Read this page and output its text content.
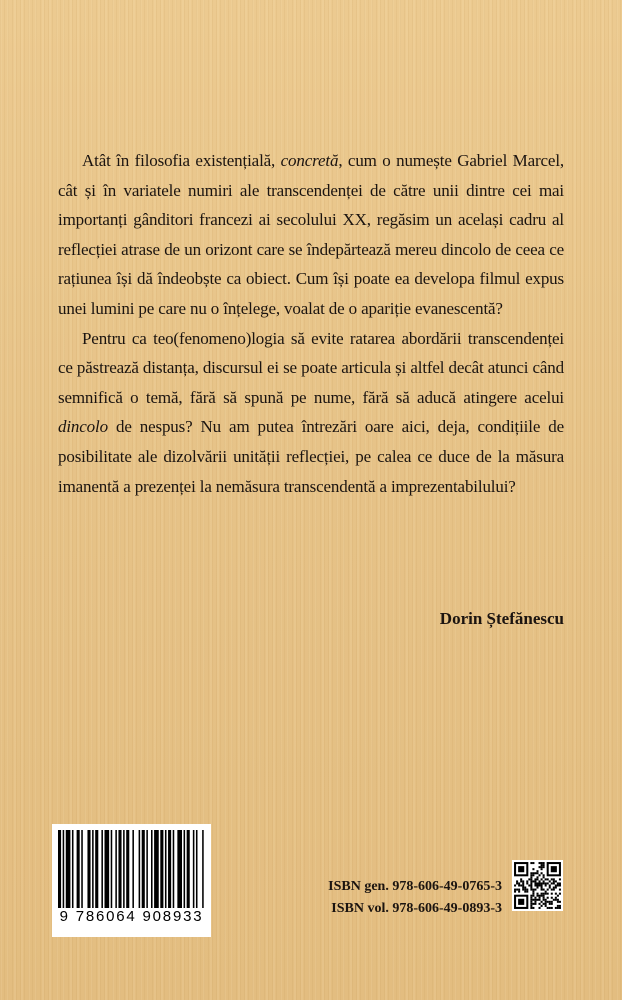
Atât în filosofia existențială, concretă, cum o numește Gabriel Marcel, cât și în variatele numiri ale transcendenței de către unii dintre cei mai importanți gânditori francezi ai secolului XX, regăsim un același cadru al reflecției atrase de un orizont care se îndepărtează mereu dincolo de ceea ce rațiunea își dă îndeobște ca obiect. Cum își poate ea developa filmul expus unei lumini pe care nu o înțelege, voalat de o apariție evanescentă?

Pentru ca teo(fenomeno)logia să evite ratarea abordării transcendenței ce păstrează distanța, discursul ei se poate articula și altfel decât atunci când semnifică o temă, fără să spună pe nume, fără să aducă atingere acelui dincolo de nespus? Nu am putea întrezări oare aici, deja, condițiile de posibilitate ale dizolvării unității reflecției, pe calea ce duce de la măsura imanentă a prezenței la nemăsura transcendentă a imprezentabilului?

Dorin Ștefănescu
9 786064 908933
ISBN gen. 978-606-49-0765-3
ISBN vol. 978-606-49-0893-3
